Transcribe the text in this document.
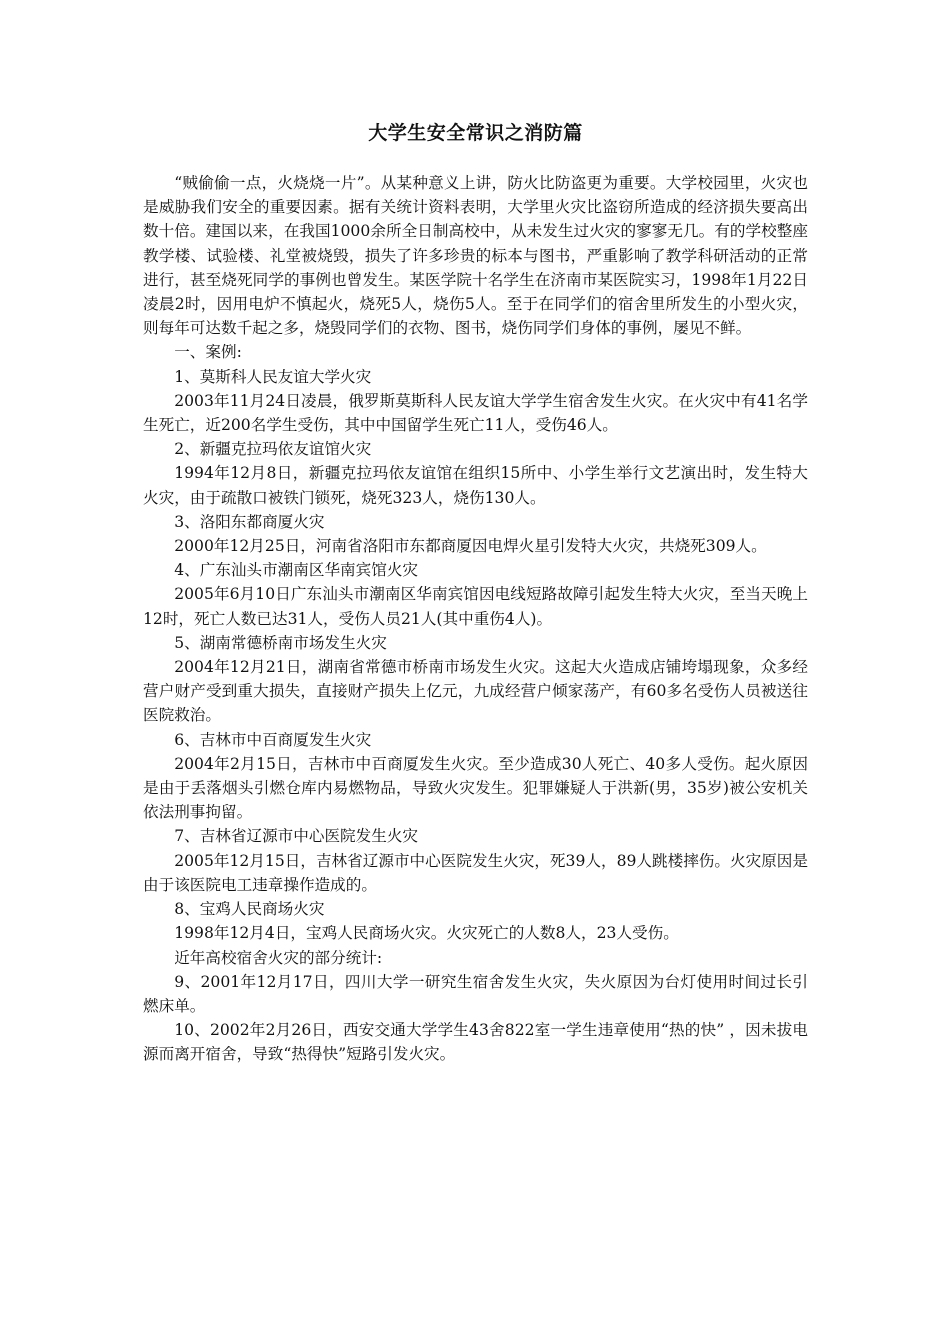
大学生安全常识之消防篇

“贼偷偷一点，火烧烧一片”。从某种意义上讲，防火比防盗更为重要。大学校园里，火灾也是威胁我们安全的重要因素。据有关统计资料表明，大学里火灾比盗窃所造成的经济损失要高出数十倍。建国以来，在我国1000余所全日制高校中，从未发生过火灾的寥寥无几。有的学校整座教学楼、试验楼、礼堂被烧毁，损失了许多珍贵的标本与图书，严重影响了教学科研活动的正常进行，甚至烧死同学的事例也曾发生。某医学院十名学生在济南市某医院实习，1998年1月22日凌晨2时，因用电炉不慎起火，烧死5人，烧伤5人。至于在同学们的宿舍里所发生的小型火灾，则每年可达数千起之多，烧毁同学们的衣物、图书，烧伤同学们身体的事例，屡见不鲜。

一、案例:

1、莫斯科人民友谊大学火灾

2003年11月24日凌晨，俄罗斯莫斯科人民友谊大学学生宿舍发生火灾。在火灾中有41名学生死亡，近200名学生受伤，其中中国留学生死亡11人，受伤46人。

2、新疆克拉玛依友谊馆火灾

1994年12月8日，新疆克拉玛依友谊馆在组织15所中、小学生举行文艺演出时，发生特大火灾，由于疏散口被铁门锁死，烧死323人，烧伤130人。

3、洛阳东都商厦火灾

2000年12月25日，河南省洛阳市东都商厦因电焊火星引发特大火灾，共烧死309人。

4、广东汕头市潮南区华南宾馆火灾

2005年6月10日广东汕头市潮南区华南宾馆因电线短路故障引起发生特大火灾，至当天晚上12时，死亡人数已达31人，受伤人员21人(其中重伤4人)。

5、湖南常德桥南市场发生火灾

2004年12月21日，湖南省常德市桥南市场发生火灾。这起大火造成店铺垮塌现象，众多经营户财产受到重大损失，直接财产损失上亿元，九成经营户倾家荡产，有60多名受伤人员被送往医院救治。

6、吉林市中百商厦发生火灾

2004年2月15日，吉林市中百商厦发生火灾。至少造成30人死亡、40多人受伤。起火原因是由于丢落烟头引燃仓库内易燃物品，导致火灾发生。犯罪嫌疑人于洪新(男，35岁)被公安机关依法刑事拘留。

7、吉林省辽源市中心医院发生火灾

2005年12月15日，吉林省辽源市中心医院发生火灾，死39人，89人跳楼摔伤。火灾原因是由于该医院电工违章操作造成的。

8、宝鸡人民商场火灾

1998年12月4日，宝鸡人民商场火灾。火灾死亡的人数8人，23人受伤。

近年高校宿舍火灾的部分统计:

9、2001年12月17日，四川大学一研究生宿舍发生火灾，失火原因为台灯使用时间过长引燃床单。

10、2002年2月26日，西安交通大学学生43舍822室一学生违章使用“热的快” ，因未拔电源而离开宿舍，导致“热得快”短路引发火灾。
